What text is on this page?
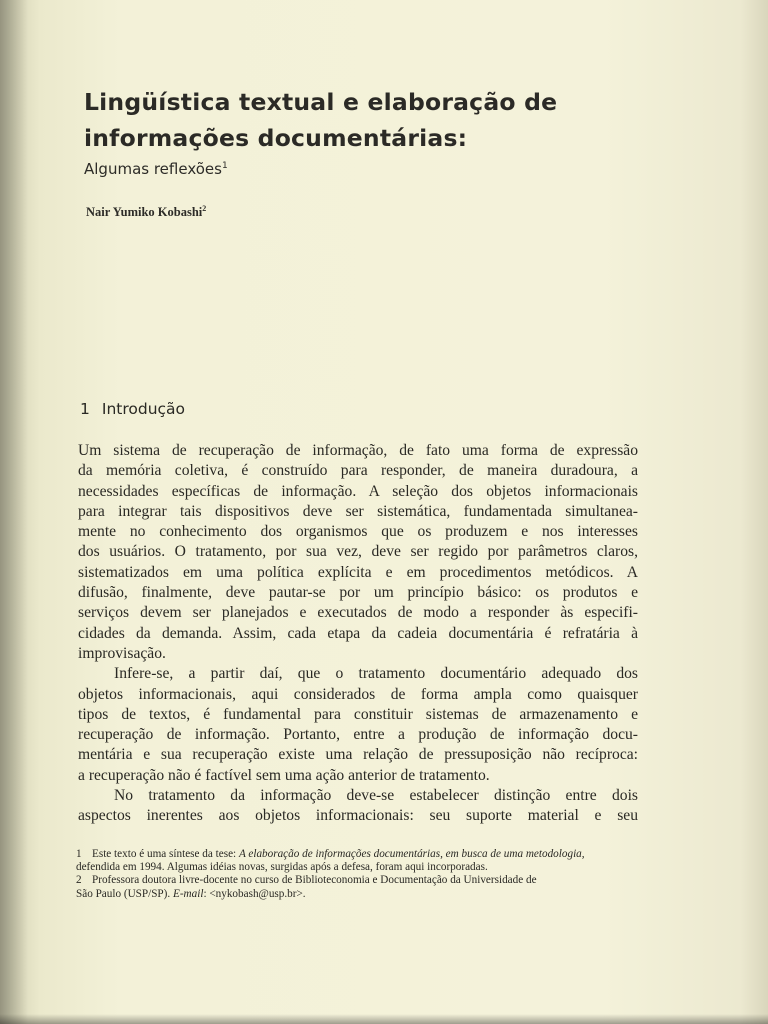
Lingüística textual e elaboração de
informações documentárias:
Algumas reflexões$^1$
Nair Yumiko Kobashi$^2$
1 Introdução
Um sistema de recuperação de informação, de fato uma forma de expressão
da memória coletiva, é construído para responder, de maneira duradoura, a
necessidades específicas de informação. A seleção dos objetos informacionais
para integrar tais dispositivos deve ser sistemática, fundamentada simultanea-
mente no conhecimento dos organismos que os produzem e nos interesses
dos usuários. O tratamento, por sua vez, deve ser regido por parâmetros claros,
sistematizados em uma política explícita e em procedimentos metódicos. A
difusão, finalmente, deve pautar-se por um princípio básico: os produtos e
serviços devem ser planejados e executados de modo a responder às especifi-
cidades da demanda. Assim, cada etapa da cadeia documentária é refratária à
improvisação.
Infere-se, a partir daí, que o tratamento documentário adequado dos
objetos informacionais, aqui considerados de forma ampla como quaisquer
tipos de textos, é fundamental para constituir sistemas de armazenamento e
recuperação de informação. Portanto, entre a produção de informação docu-
mentária e sua recuperação existe uma relação de pressuposição não recíproca:
a recuperação não é factível sem uma ação anterior de tratamento.
No tratamento da informação deve-se estabelecer distinção entre dois
aspectos inerentes aos objetos informacionais: seu suporte material e seu
1 Este texto é uma síntese da tese: A elaboração de informações documentárias, em busca de uma metodologia,
defendida em 1994. Algumas idéias novas, surgidas após a defesa, foram aqui incorporadas.
2 Professora doutora livre-docente no curso de Biblioteconomia e Documentação da Universidade de
São Paulo (USP/SP). E-mail: <nykobash@usp.br>.
